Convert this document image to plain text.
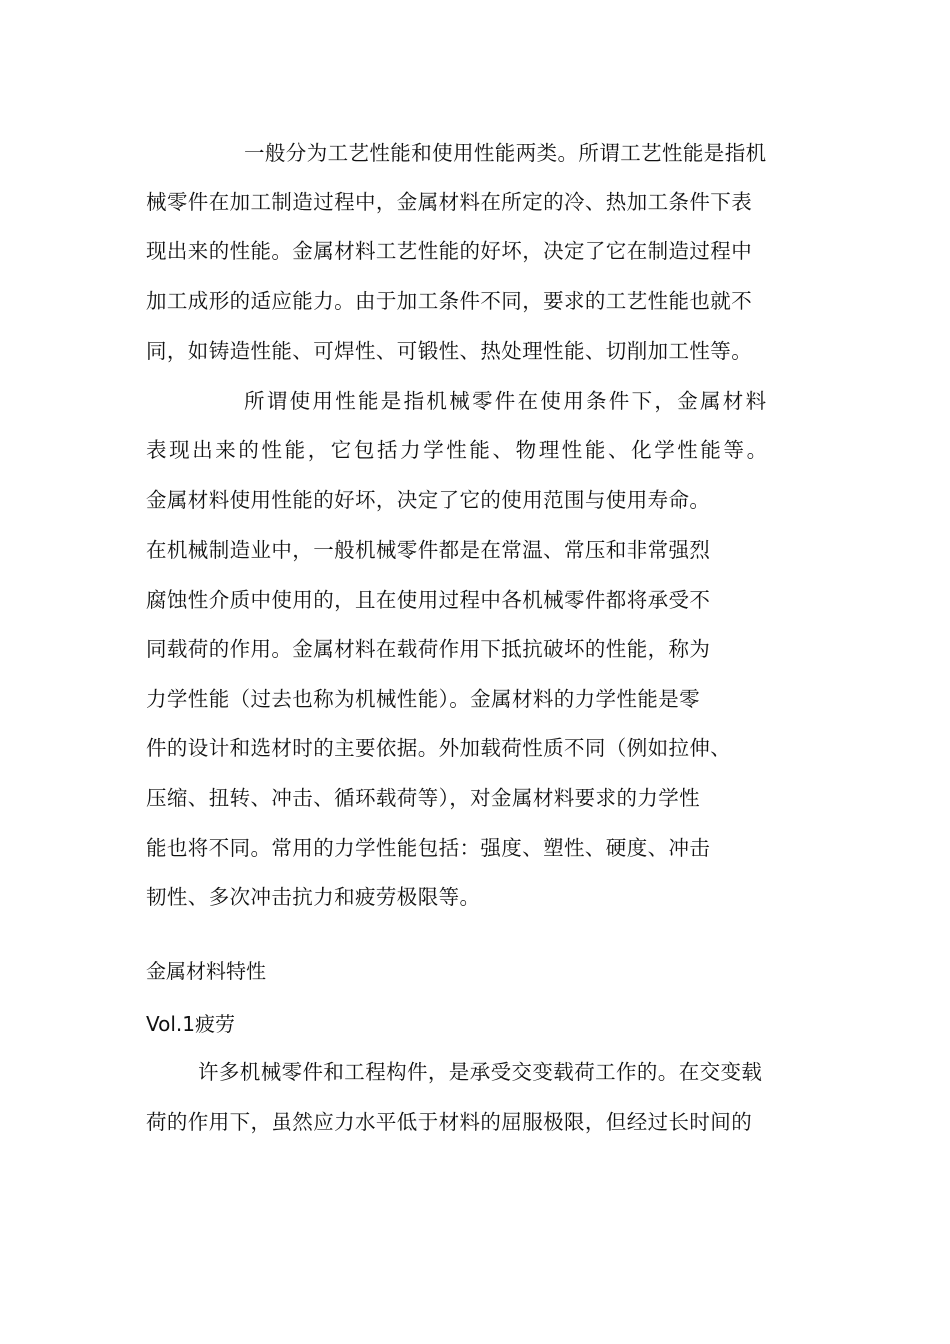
一般分为工艺性能和使用性能两类。所谓工艺性能是指机
械零件在加工制造过程中，金属材料在所定的冷、热加工条件下表
现出来的性能。金属材料工艺性能的好坏，决定了它在制造过程中
加工成形的适应能力。由于加工条件不同，要求的工艺性能也就不
同，如铸造性能、可焊性、可锻性、热处理性能、切削加工性等。
所谓使用性能是指机械零件在使用条件下，金属材料
表现出来的性能，它包括力学性能、物理性能、化学性能等。
金属材料使用性能的好坏，决定了它的使用范围与使用寿命。
在机械制造业中，一般机械零件都是在常温、常压和非常强烈
腐蚀性介质中使用的，且在使用过程中各机械零件都将承受不
同载荷的作用。金属材料在载荷作用下抵抗破坏的性能，称为
力学性能（过去也称为机械性能）。金属材料的力学性能是零
件的设计和选材时的主要依据。外加载荷性质不同（例如拉伸、
压缩、扭转、冲击、循环载荷等），对金属材料要求的力学性
能也将不同。常用的力学性能包括：强度、塑性、硬度、冲击
韧性、多次冲击抗力和疲劳极限等。
金属材料特性
Vol.1疲劳
许多机械零件和工程构件，是承受交变载荷工作的。在交变载
荷的作用下，虽然应力水平低于材料的屈服极限，但经过长时间的
